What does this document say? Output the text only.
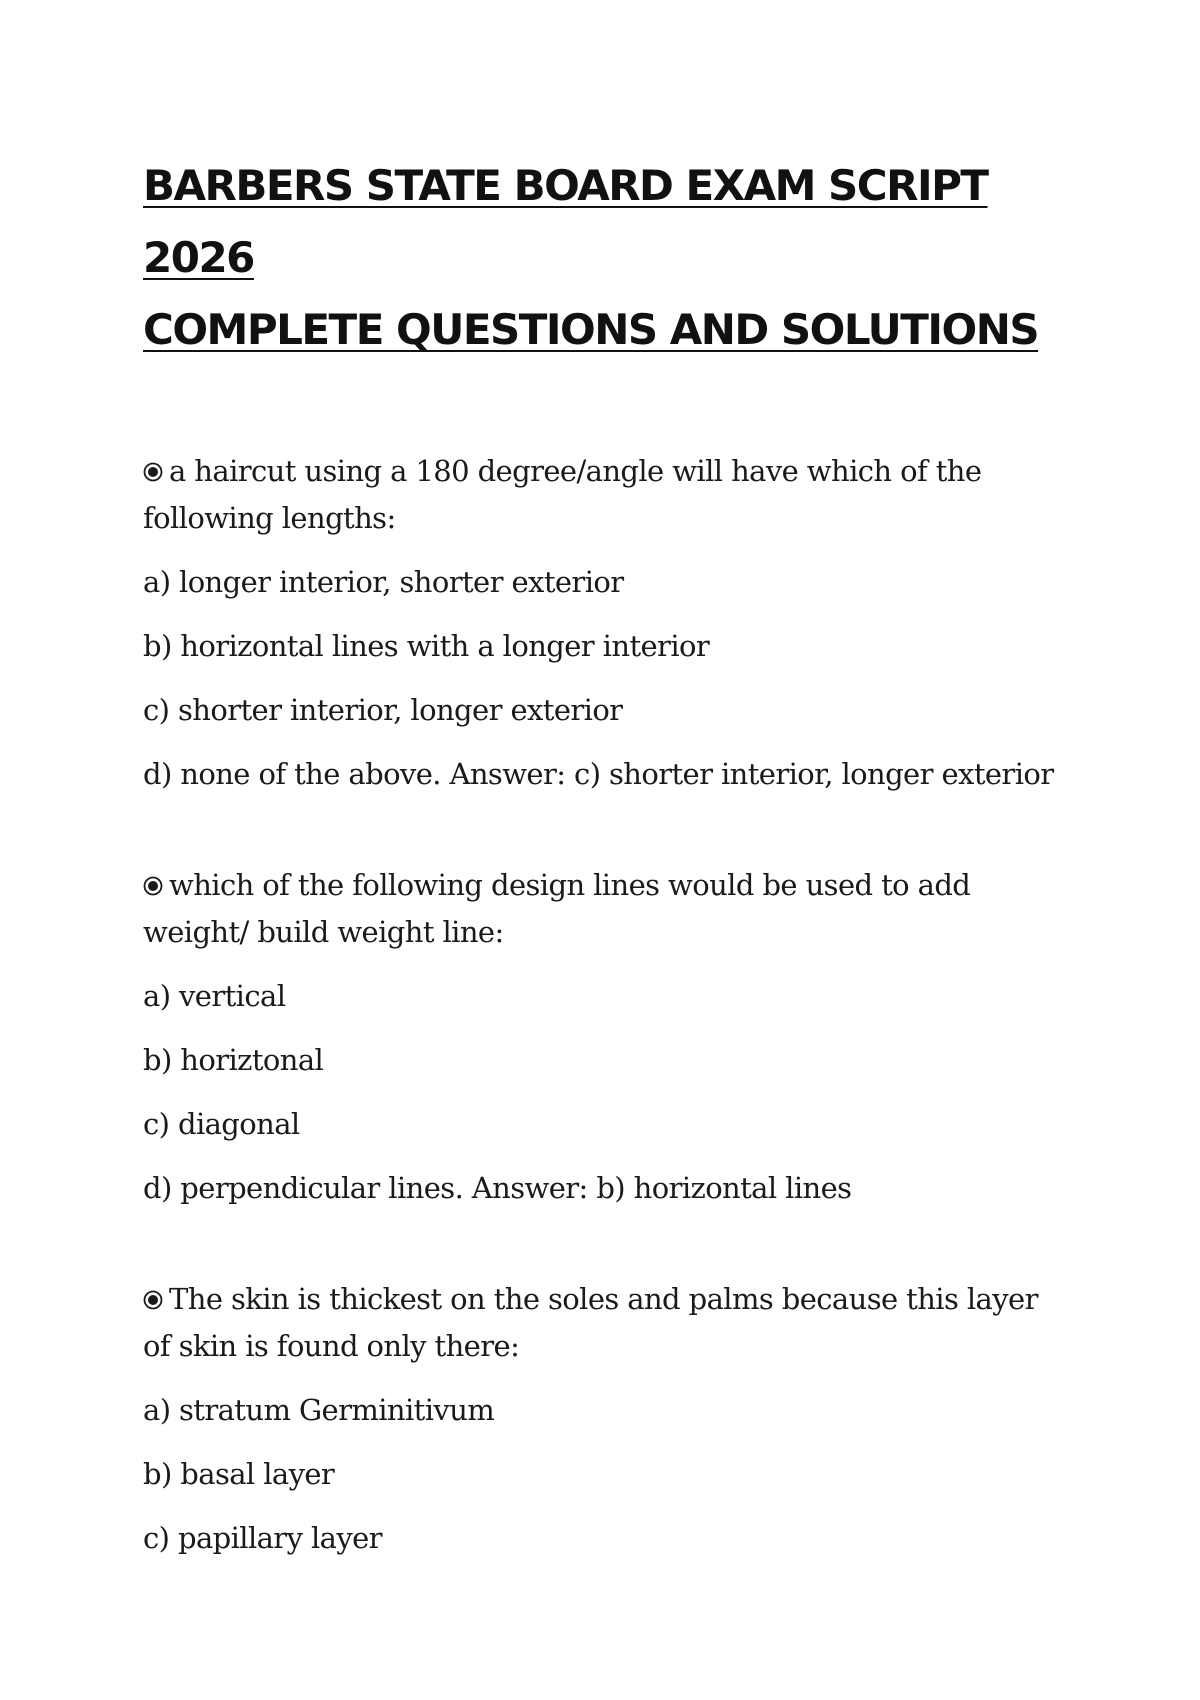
BARBERS STATE BOARD EXAM SCRIPT 2026
COMPLETE QUESTIONS AND SOLUTIONS

a haircut using a 180 degree/angle will have which of the following lengths:

a) longer interior, shorter exterior
b) horizontal lines with a longer interior
c) shorter interior, longer exterior
d) none of the above. Answer: c) shorter interior, longer exterior

which of the following design lines would be used to add weight/ build weight line:

a) vertical
b) horiztonal
c) diagonal
d) perpendicular lines. Answer: b) horizontal lines

The skin is thickest on the soles and palms because this layer of skin is found only there:

a) stratum Germinitivum
b) basal layer
c) papillary layer
